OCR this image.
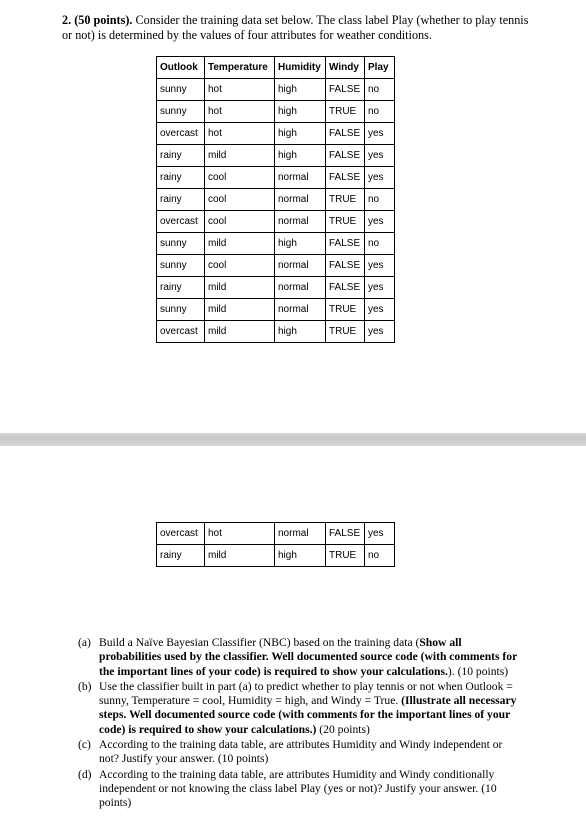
2. (50 points). Consider the training data set below. The class label Play (whether to play tennis or not) is determined by the values of four attributes for weather conditions.
Outlook	Temperature	Humidity	Windy	Play
sunny	hot	high	FALSE	no
sunny	hot	high	TRUE	no
overcast	hot	high	FALSE	yes
rainy	mild	high	FALSE	yes
rainy	cool	normal	FALSE	yes
rainy	cool	normal	TRUE	no
overcast	cool	normal	TRUE	yes
sunny	mild	high	FALSE	no
sunny	cool	normal	FALSE	yes
rainy	mild	normal	FALSE	yes
sunny	mild	normal	TRUE	yes
overcast	mild	high	TRUE	yes
overcast	hot	normal	FALSE	yes
rainy	mild	high	TRUE	no
(a) Build a Naïve Bayesian Classifier (NBC) based on the training data (Show all probabilities used by the classifier. Well documented source code (with comments for the important lines of your code) is required to show your calculations.). (10 points)
(b) Use the classifier built in part (a) to predict whether to play tennis or not when Outlook = sunny, Temperature = cool, Humidity = high, and Windy = True. (Illustrate all necessary steps. Well documented source code (with comments for the important lines of your code) is required to show your calculations.) (20 points)
(c) According to the training data table, are attributes Humidity and Windy independent or not? Justify your answer. (10 points)
(d) According to the training data table, are attributes Humidity and Windy conditionally independent or not knowing the class label Play (yes or not)? Justify your answer. (10 points)
